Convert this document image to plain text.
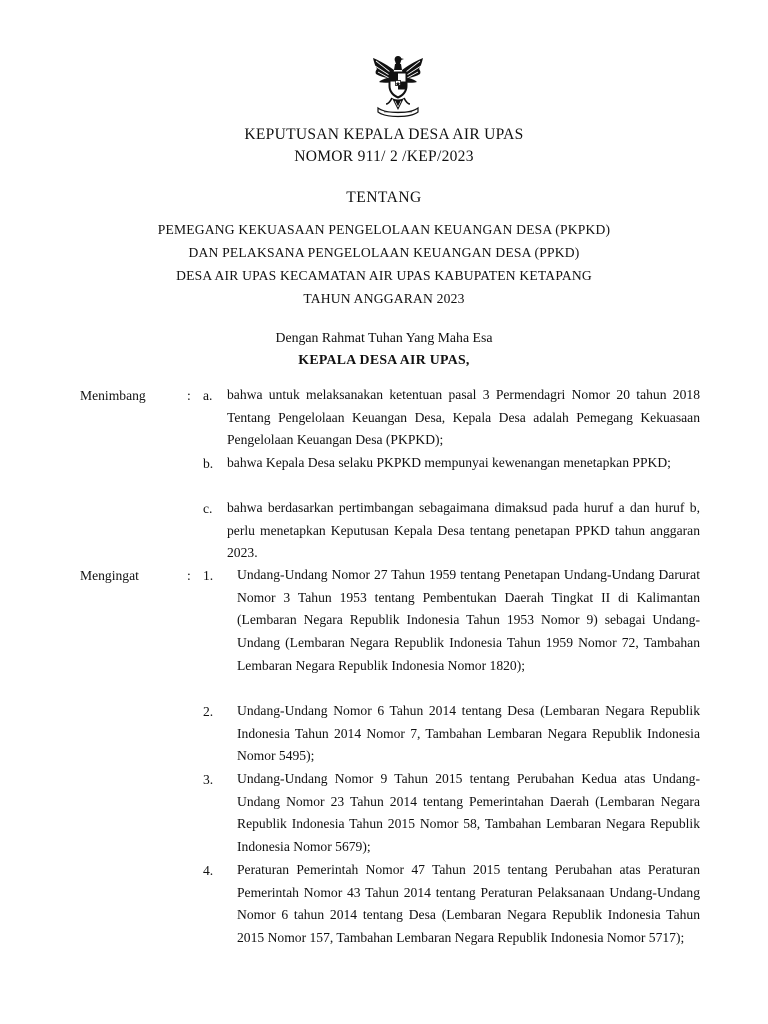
KEPUTUSAN KEPALA DESA AIR UPAS
NOMOR 911/ 2 /KEP/2023
TENTANG
PEMEGANG KEKUASAAN PENGELOLAAN KEUANGAN DESA (PKPKD)
DAN PELAKSANA PENGELOLAAN KEUANGAN DESA (PPKD)
DESA AIR UPAS KECAMATAN AIR UPAS KABUPATEN KETAPANG
TAHUN ANGGARAN 2023
Dengan Rahmat Tuhan Yang Maha Esa
KEPALA DESA AIR UPAS,
Menimbang	: a. bahwa untuk melaksanakan ketentuan pasal 3 Permendagri Nomor 20 tahun 2018 Tentang Pengelolaan Keuangan Desa, Kepala Desa adalah Pemegang Kekuasaan Pengelolaan Keuangan Desa (PKPKD);

b. bahwa Kepala Desa selaku PKPKD mempunyai kewenangan menetapkan PPKD;

c. bahwa berdasarkan pertimbangan sebagaimana dimaksud pada huruf a dan huruf b, perlu menetapkan Keputusan Kepala Desa tentang penetapan PPKD tahun anggaran 2023.

Mengingat	: 1. Undang-Undang Nomor 27 Tahun 1959 tentang Penetapan Undang-Undang Darurat Nomor 3 Tahun 1953 tentang Pembentukan Daerah Tingkat II di Kalimantan (Lembaran Negara Republik Indonesia Tahun 1953 Nomor 9) sebagai Undang-Undang (Lembaran Negara Republik Indonesia Tahun 1959 Nomor 72, Tambahan Lembaran Negara Republik Indonesia Nomor 1820);

2. Undang-Undang Nomor 6 Tahun 2014 tentang Desa (Lembaran Negara Republik Indonesia Tahun 2014 Nomor 7, Tambahan Lembaran Negara Republik Indonesia Nomor 5495);

3. Undang-Undang Nomor 9 Tahun 2015 tentang Perubahan Kedua atas Undang-Undang Nomor 23 Tahun 2014 tentang Pemerintahan Daerah (Lembaran Negara Republik Indonesia Tahun 2015 Nomor 58, Tambahan Lembaran Negara Republik Indonesia Nomor 5679);

4. Peraturan Pemerintah Nomor 47 Tahun 2015 tentang Perubahan atas Peraturan Pemerintah Nomor 43 Tahun 2014 tentang Peraturan Pelaksanaan Undang-Undang Nomor 6 tahun 2014 tentang Desa (Lembaran Negara Republik Indonesia Tahun 2015 Nomor 157, Tambahan Lembaran Negara Republik Indonesia Nomor 5717);
